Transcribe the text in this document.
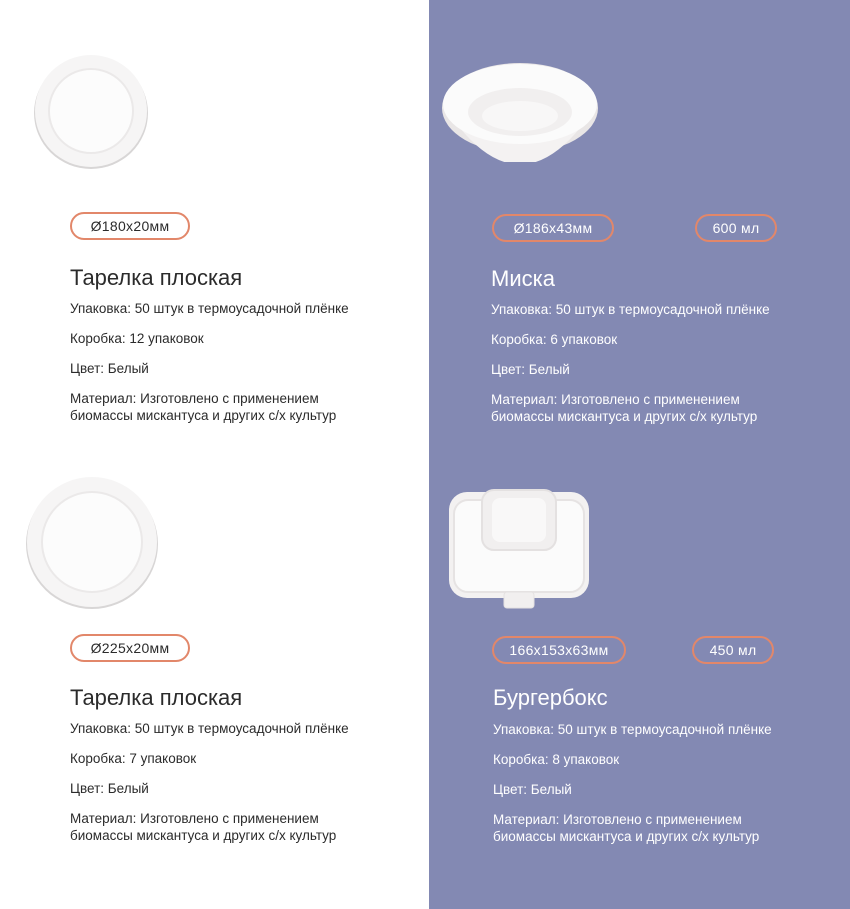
Ø180x20мм
Тарелка плоская

Упаковка: 50 штук в термоусадочной плёнке

Коробка: 12 упаковок

Цвет: Белый

Материал: Изготовлено с применением
биомассы мискантуса и других с/х культур

Ø186x43мм	600 мл
Миска

Упаковка: 50 штук в термоусадочной плёнке

Коробка: 6 упаковок

Цвет: Белый

Материал: Изготовлено с применением
биомассы мискантуса и других с/х культур

Ø225x20мм
Тарелка плоская

Упаковка: 50 штук в термоусадочной плёнке

Коробка: 7 упаковок

Цвет: Белый

Материал: Изготовлено с применением
биомассы мискантуса и других с/х культур

166x153x63мм	450 мл
Бургербокс

Упаковка: 50 штук в термоусадочной плёнке

Коробка: 8 упаковок

Цвет: Белый

Материал: Изготовлено с применением
биомассы мискантуса и других с/х культур
